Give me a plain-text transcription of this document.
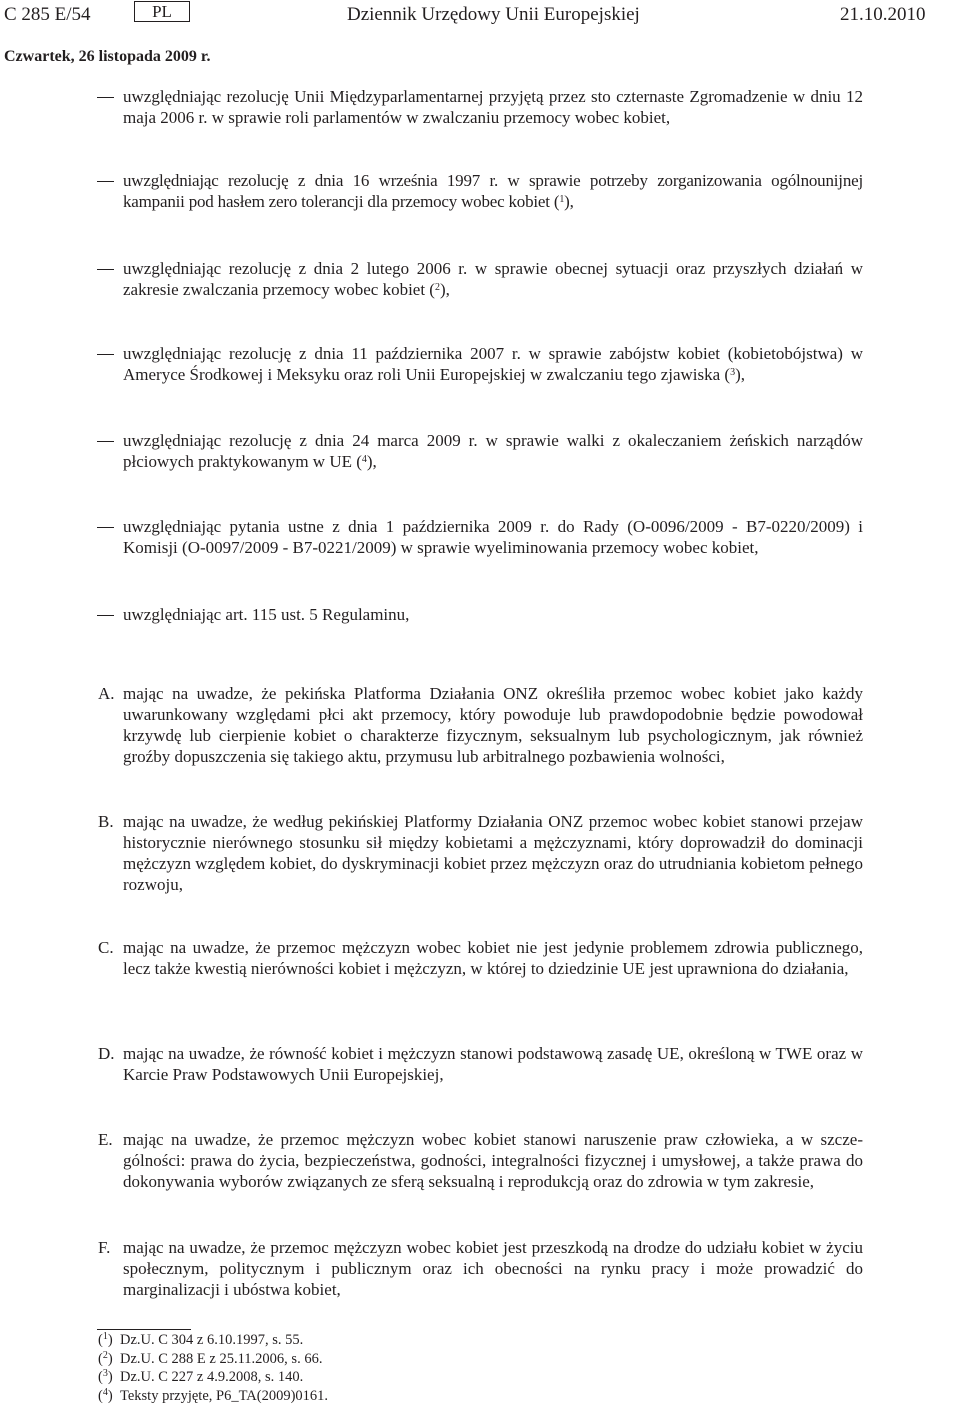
C 285 E/54	PL	Dziennik Urzędowy Unii Europejskiej	21.10.2010
Czwartek, 26 listopada 2009 r.
uwzględniając rezolucję Unii Międzyparlamentarnej przyjętą przez sto czternaste Zgromadzenie w dniu 12 maja 2006 r. w sprawie roli parlamentów w zwalczaniu przemocy wobec kobiet,
uwzględniając rezolucję z dnia 16 września 1997 r. w sprawie potrzeby zorganizowania ogólnounijnej kampanii pod hasłem zero tolerancji dla przemocy wobec kobiet ($^1$),
uwzględniając rezolucję z dnia 2 lutego 2006 r. w sprawie obecnej sytuacji oraz przyszłych działań w zakresie zwalczania przemocy wobec kobiet ($^2$),
uwzględniając rezolucję z dnia 11 października 2007 r. w sprawie zabójstw kobiet (kobietobójstwa) w Ameryce Środkowej i Meksyku oraz roli Unii Europejskiej w zwalczaniu tego zjawiska ($^3$),
uwzględniając rezolucję z dnia 24 marca 2009 r. w sprawie walki z okaleczaniem żeńskich narządów płciowych praktykowanym w UE ($^4$),
uwzględniając pytania ustne z dnia 1 października 2009 r. do Rady (O-0096/2009 - B7-0220/2009) i Komisji (O-0097/2009 - B7-0221/2009) w sprawie wyeliminowania przemocy wobec kobiet,
uwzględniając art. 115 ust. 5 Regulaminu,
A. mając na uwadze, że pekińska Platforma Działania ONZ określiła przemoc wobec kobiet jako każdy uwarunkowany względami płci akt przemocy, który powoduje lub prawdopodobnie będzie powodował krzywdę lub cierpienie kobiet o charakterze fizycznym, seksualnym lub psychologicznym, jak również groźby dopuszczenia się takiego aktu, przymusu lub arbitralnego pozbawienia wolności,
B. mając na uwadze, że według pekińskiej Platformy Działania ONZ przemoc wobec kobiet stanowi przejaw historycznie nierównego stosunku sił między kobietami a mężczyznami, który doprowadził do dominacji mężczyzn względem kobiet, do dyskryminacji kobiet przez mężczyzn oraz do utrudniania kobietom pełnego rozwoju,
C. mając na uwadze, że przemoc mężczyzn wobec kobiet nie jest jedynie problemem zdrowia publicznego, lecz także kwestią nierówności kobiet i mężczyzn, w której to dziedzinie UE jest uprawniona do działania,
D. mając na uwadze, że równość kobiet i mężczyzn stanowi podstawową zasadę UE, określoną w TWE oraz w Karcie Praw Podstawowych Unii Europejskiej,
E. mając na uwadze, że przemoc mężczyzn wobec kobiet stanowi naruszenie praw człowieka, a w szczególności: prawa do życia, bezpieczeństwa, godności, integralności fizycznej i umysłowej, a także prawa do dokonywania wyborów związanych ze sferą seksualną i reprodukcją oraz do zdrowia w tym zakresie,
F. mając na uwadze, że przemoc mężczyzn wobec kobiet jest przeszkodą na drodze do udziału kobiet w życiu społecznym, politycznym i publicznym oraz ich obecności na rynku pracy i może prowadzić do marginalizacji i ubóstwa kobiet,
($^1$) Dz.U. C 304 z 6.10.1997, s. 55.
($^2$) Dz.U. C 288 E z 25.11.2006, s. 66.
($^3$) Dz.U. C 227 z 4.9.2008, s. 140.
($^4$) Teksty przyjęte, P6_TA(2009)0161.
